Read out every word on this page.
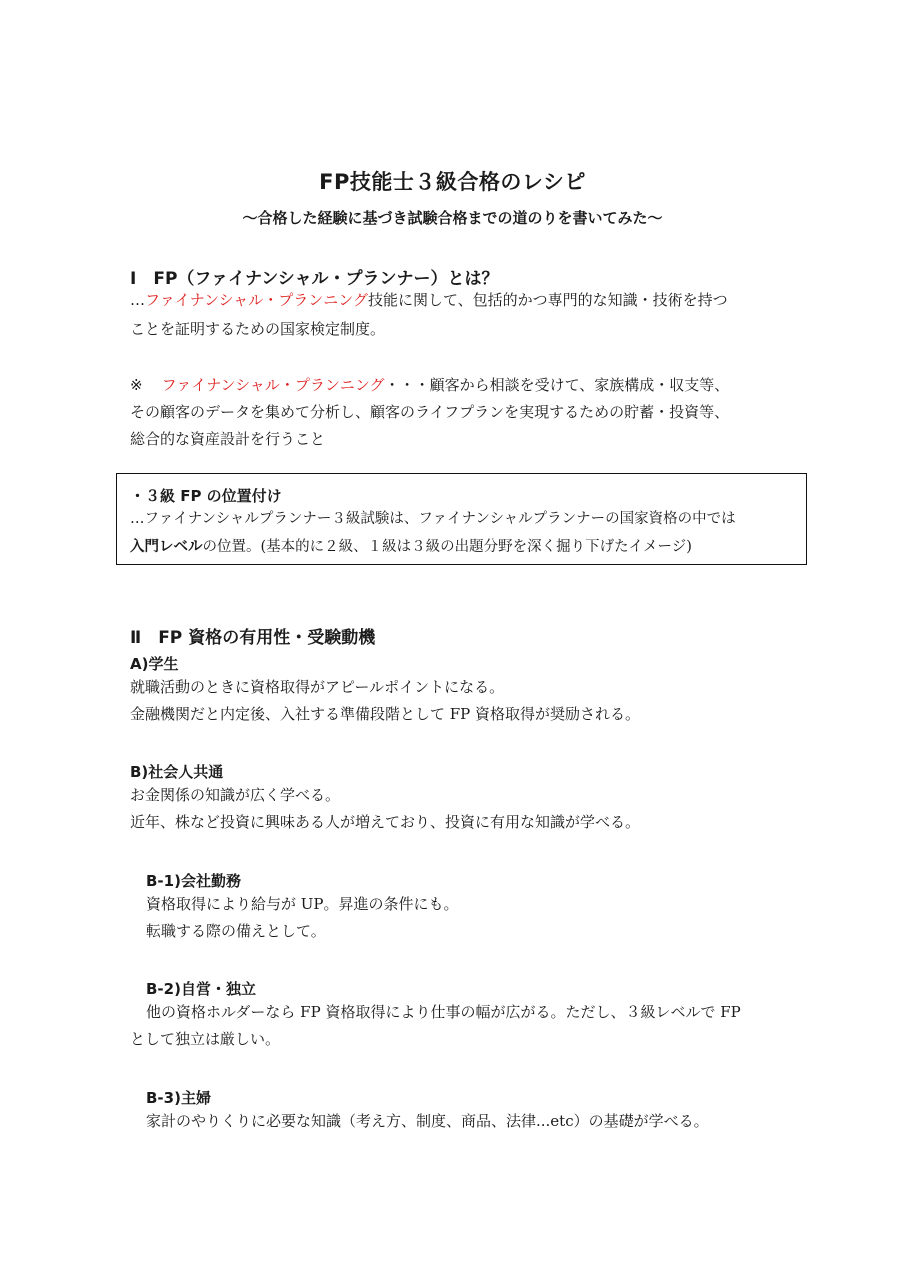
FP技能士３級合格のレシピ
～合格した経験に基づき試験合格までの道のりを書いてみた～
Ⅰ　FP（ファイナンシャル・プランナー）とは？
…ファイナンシャル・プランニング技能に関して、包括的かつ専門的な知識・技術を持つ
ことを証明するための国家検定制度。
※　ファイナンシャル・プランニング・・・顧客から相談を受けて、家族構成・収支等、
その顧客のデータを集めて分析し、顧客のライフプランを実現するための貯蓄・投資等、
総合的な資産設計を行うこと
・３級 FP の位置付け
…ファイナンシャルプランナー３級試験は、ファイナンシャルプランナーの国家資格の中では
入門レベルの位置。(基本的に２級、１級は３級の出題分野を深く掘り下げたイメージ)
Ⅱ　FP 資格の有用性・受験動機
A)学生
就職活動のときに資格取得がアピールポイントになる。
金融機関だと内定後、入社する準備段階として FP 資格取得が奨励される。
B)社会人共通
お金関係の知識が広く学べる。
近年、株など投資に興味ある人が増えており、投資に有用な知識が学べる。
B-1)会社勤務
資格取得により給与が UP。昇進の条件にも。
転職する際の備えとして。
B-2)自営・独立
他の資格ホルダーなら FP 資格取得により仕事の幅が広がる。ただし、３級レベルで FP
として独立は厳しい。
B-3)主婦
家計のやりくりに必要な知識（考え方、制度、商品、法律...etc）の基礎が学べる。
